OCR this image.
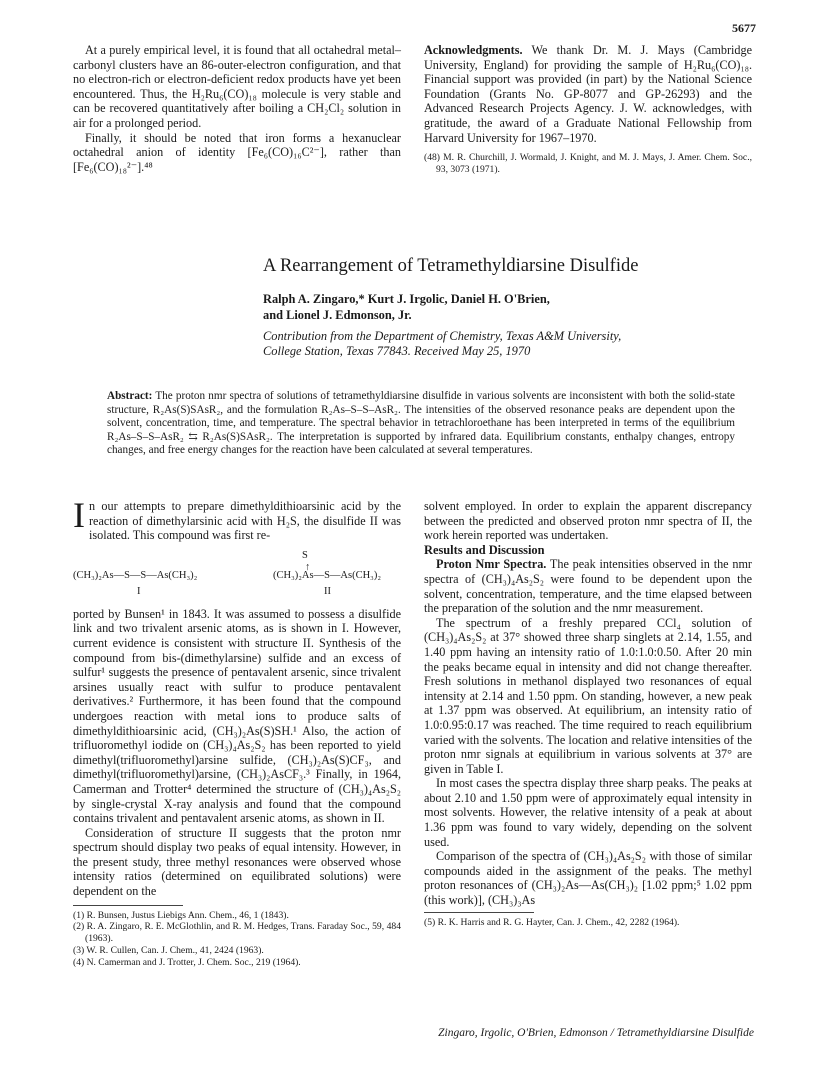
5677

At a purely empirical level, it is found that all octahedral metal–carbonyl clusters have an 86-outer-electron configuration, and that no electron-rich or electron-deficient redox products have yet been encountered. Thus, the H₂Ru₆(CO)₁₈ molecule is very stable and can be recovered quantitatively after boiling a CH₂Cl₂ solution in air for a prolonged period.

Finally, it should be noted that iron forms a hexanuclear octahedral anion of identity [Fe₆(CO)₁₆C²⁻], rather than [Fe₆(CO)₁₈²⁻].⁴⁸

Acknowledgments. We thank Dr. M. J. Mays (Cambridge University, England) for providing the sample of H₂Ru₆(CO)₁₈. Financial support was provided (in part) by the National Science Foundation (Grants No. GP-8077 and GP-26293) and the Advanced Research Projects Agency. J. W. acknowledges, with gratitude, the award of a Graduate National Fellowship from Harvard University for 1967–1970.

(48) M. R. Churchill, J. Wormald, J. Knight, and M. J. Mays, J. Amer. Chem. Soc., 93, 3073 (1971).

A Rearrangement of Tetramethyldiarsine Disulfide
Ralph A. Zingaro,* Kurt J. Irgolic, Daniel H. O'Brien,
and Lionel J. Edmonson, Jr.
Contribution from the Department of Chemistry, Texas A&M University,
College Station, Texas 77843. Received May 25, 1970
Abstract: The proton nmr spectra of solutions of tetramethyldiarsine disulfide in various solvents are inconsistent with both the solid-state structure, R₂As(S)SAsR₂, and the formulation R₂As–S–S–AsR₂. The intensities of the observed resonance peaks are dependent upon the solvent, concentration, time, and temperature. The spectral behavior in tetrachloroethane has been interpreted in terms of the equilibrium R₂As–S–S–AsR₂ ⇆ R₂As(S)SAsR₂. The interpretation is supported by infrared data. Equilibrium constants, enthalpy changes, entropy changes, and free energy changes for the reaction have been calculated at several temperatures.

In our attempts to prepare dimethyldithioarsinic acid by the reaction of dimethylarsinic acid with H₂S, the disulfide II was isolated. This compound was first re-

(CH₃)₂As—S—S—As(CH₃)₂
I
S
↑
(CH₃)₂As—S—As(CH₃)₂
II

ported by Bunsen¹ in 1843. It was assumed to possess a disulfide link and two trivalent arsenic atoms, as is shown in I. However, current evidence is consistent with structure II. Synthesis of the compound from bis-(dimethylarsine) sulfide and an excess of sulfur¹ suggests the presence of pentavalent arsenic, since trivalent arsines usually react with sulfur to produce pentavalent derivatives.² Furthermore, it has been found that the compound undergoes reaction with metal ions to produce salts of dimethyldithioarsinic acid, (CH₃)₂As(S)SH.¹ Also, the action of trifluoromethyl iodide on (CH₃)₄As₂S₂ has been reported to yield dimethyl(trifluoromethyl)arsine sulfide, (CH₃)₂As(S)CF₃, and dimethyl(trifluoromethyl)arsine, (CH₃)₂AsCF₃.³ Finally, in 1964, Camerman and Trotter⁴ determined the structure of (CH₃)₄As₂S₂ by single-crystal X-ray analysis and found that the compound contains trivalent and pentavalent arsenic atoms, as shown in II.

Consideration of structure II suggests that the proton nmr spectrum should display two peaks of equal intensity. However, in the present study, three methyl resonances were observed whose intensity ratios (determined on equilibrated solutions) were dependent on the

(1) R. Bunsen, Justus Liebigs Ann. Chem., 46, 1 (1843).

(2) R. A. Zingaro, R. E. McGlothlin, and R. M. Hedges, Trans. Faraday Soc., 59, 484 (1963).

(3) W. R. Cullen, Can. J. Chem., 41, 2424 (1963).

(4) N. Camerman and J. Trotter, J. Chem. Soc., 219 (1964).

solvent employed. In order to explain the apparent discrepancy between the predicted and observed proton nmr spectra of II, the work herein reported was undertaken.

Results and Discussion

Proton Nmr Spectra. The peak intensities observed in the nmr spectra of (CH₃)₄As₂S₂ were found to be dependent upon the solvent, concentration, temperature, and the time elapsed between the preparation of the solution and the nmr measurement.

The spectrum of a freshly prepared CCl₄ solution of (CH₃)₄As₂S₂ at 37° showed three sharp singlets at 2.14, 1.55, and 1.40 ppm having an intensity ratio of 1.0:1.0:0.50. After 20 min the peaks became equal in intensity and did not change thereafter. Fresh solutions in methanol displayed two resonances of equal intensity at 2.14 and 1.50 ppm. On standing, however, a new peak at 1.37 ppm was observed. At equilibrium, an intensity ratio of 1.0:0.95:0.17 was reached. The time required to reach equilibrium varied with the solvents. The location and relative intensities of the proton nmr signals at equilibrium in various solvents at 37° are given in Table I.

In most cases the spectra display three sharp peaks. The peaks at about 2.10 and 1.50 ppm were of approximately equal intensity in most solvents. However, the relative intensity of a peak at about 1.36 ppm was found to vary widely, depending on the solvent used.

Comparison of the spectra of (CH₃)₄As₂S₂ with those of similar compounds aided in the assignment of the peaks. The methyl proton resonances of (CH₃)₂As—As(CH₃)₂ [1.02 ppm;⁵ 1.02 ppm (this work)], (CH₃)₃As

(5) R. K. Harris and R. G. Hayter, Can. J. Chem., 42, 2282 (1964).

Zingaro, Irgolic, O'Brien, Edmonson / Tetramethyldiarsine Disulfide
